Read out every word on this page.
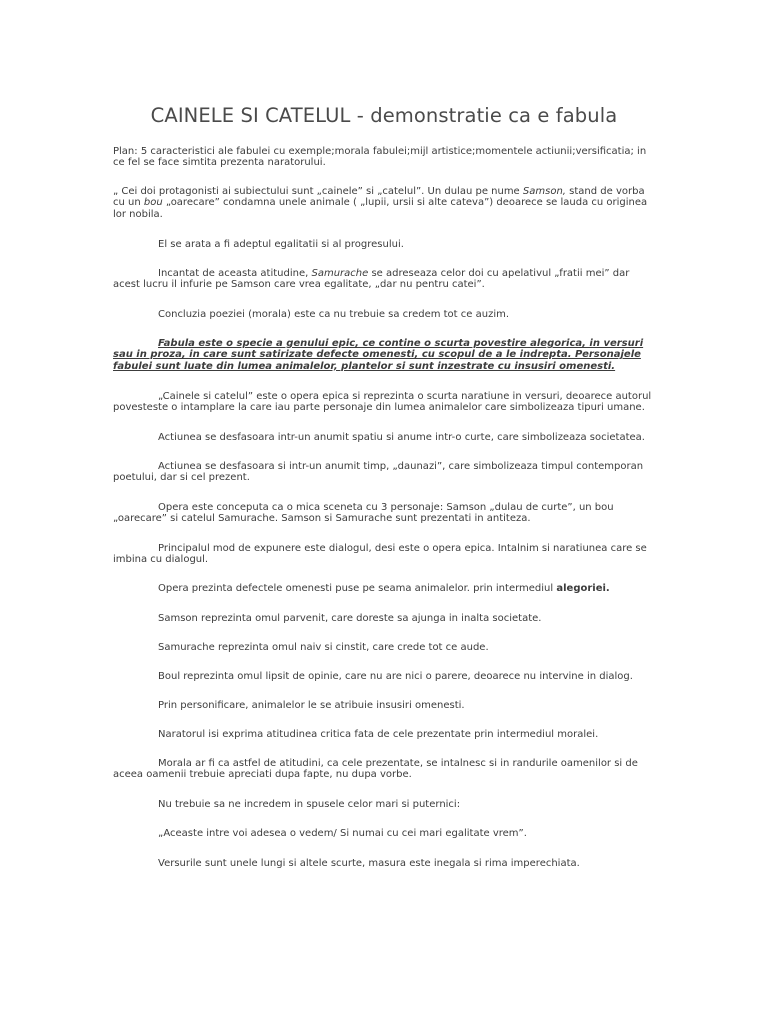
CAINELE SI CATELUL - demonstratie ca e fabula
Plan: 5 caracteristici ale fabulei cu exemple;morala fabulei;mijl artistice;momentele actiunii;versificatia; in ce fel se face simtita prezenta naratorului.
„ Cei doi protagonisti ai subiectului sunt „cainele” si „catelul”. Un dulau pe nume Samson, stand de vorba cu un bou „oarecare” condamna unele animale ( „lupii, ursii si alte cateva”) deoarece se lauda cu originea lor nobila.
El se arata a fi adeptul egalitatii si al progresului.
Incantat de aceasta atitudine, Samurache se adreseaza celor doi cu apelativul „fratii mei” dar acest lucru il infurie pe Samson care vrea egalitate, „dar nu pentru catei”.
Concluzia poeziei (morala) este ca nu trebuie sa credem tot ce auzim.
Fabula este o specie a genului epic, ce contine o scurta povestire alegorica, in versuri sau in proza, in care sunt satirizate defecte omenesti, cu scopul de a le indrepta. Personajele fabulei sunt luate din lumea animalelor, plantelor si sunt inzestrate cu insusiri omenesti.
„Cainele si catelul” este o opera epica si reprezinta o scurta naratiune in versuri, deoarece autorul povesteste o intamplare la care iau parte personaje din lumea animalelor care simbolizeaza tipuri umane.
Actiunea se desfasoara intr-un anumit spatiu si anume intr-o curte, care simbolizeaza societatea.
Actiunea se desfasoara si intr-un anumit timp, „daunazi”, care simbolizeaza timpul contemporan poetului, dar si cel prezent.
Opera este conceputa ca o mica sceneta cu 3 personaje: Samson „dulau de curte”, un bou „oarecare” si catelul Samurache. Samson si Samurache sunt prezentati in antiteza.
Principalul mod de expunere este dialogul, desi este o opera epica. Intalnim si naratiunea care se imbina cu dialogul.
Opera prezinta defectele omenesti puse pe seama animalelor. prin intermediul alegoriei.
Samson reprezinta omul parvenit, care doreste sa ajunga in inalta societate.
Samurache reprezinta omul naiv si cinstit, care crede tot ce aude.
Boul reprezinta omul lipsit de opinie, care nu are nici o parere, deoarece nu intervine in dialog.
Prin personificare, animalelor le se atribuie insusiri omenesti.
Naratorul isi exprima atitudinea critica fata de cele prezentate prin intermediul moralei.
Morala ar fi ca astfel de atitudini, ca cele prezentate, se intalnesc si in randurile oamenilor si de aceea oamenii trebuie apreciati dupa fapte, nu dupa vorbe.
Nu trebuie sa ne incredem in spusele celor mari si puternici:
„Aceaste intre voi adesea o vedem/ Si numai cu cei mari egalitate vrem”.
Versurile sunt unele lungi si altele scurte, masura este inegala si rima imperechiata.
